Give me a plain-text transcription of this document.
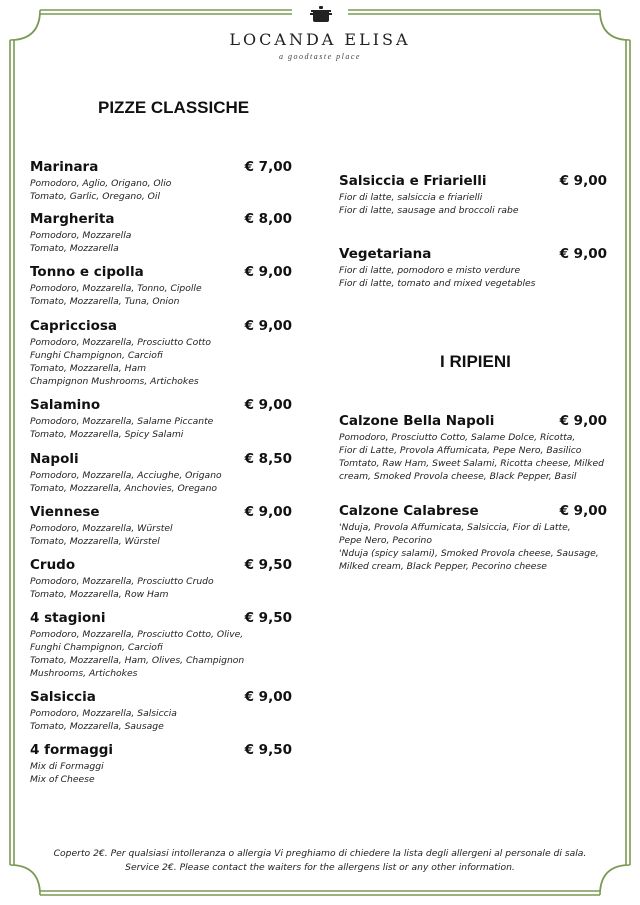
LOCANDA ELISA
a goodtaste place
PIZZE CLASSICHE
I RIPIENI
Marinara	€ 7,00
Pomodoro, Aglio, Origano, Olio
Tomato, Garlic, Oregano, Oil
Margherita	€ 8,00
Pomodoro, Mozzarella
Tomato, Mozzarella
Tonno e cipolla	€ 9,00
Pomodoro, Mozzarella, Tonno, Cipolle
Tomato, Mozzarella, Tuna, Onion
Capricciosa	€ 9,00
Pomodoro, Mozzarella, Prosciutto Cotto
Funghi Champignon, Carciofi
Tomato, Mozzarella, Ham
Champignon Mushrooms, Artichokes
Salamino	€ 9,00
Pomodoro, Mozzarella, Salame Piccante
Tomato, Mozzarella, Spicy Salami
Napoli	€ 8,50
Pomodoro, Mozzarella, Acciughe, Origano
Tomato, Mozzarella, Anchovies, Oregano
Viennese	€ 9,00
Pomodoro, Mozzarella, Würstel
Tomato, Mozzarella, Würstel
Crudo	€ 9,50
Pomodoro, Mozzarella, Prosciutto Crudo
Tomato, Mozzarella, Row Ham
4 stagioni	€ 9,50
Pomodoro, Mozzarella, Prosciutto Cotto, Olive,
Funghi Champignon, Carciofi
Tomato, Mozzarella, Ham, Olives, Champignon
Mushrooms, Artichokes
Salsiccia	€ 9,00
Pomodoro, Mozzarella, Salsiccia
Tomato, Mozzarella, Sausage
4 formaggi	€ 9,50
Mix di Formaggi
Mix of Cheese
Salsiccia e Friarielli	€ 9,00
Fior di latte, salsiccia e friarielli
Fior di latte, sausage and broccoli rabe
Vegetariana	€ 9,00
Fior di latte, pomodoro e misto verdure
Fior di latte, tomato and mixed vegetables
Calzone Bella Napoli	€ 9,00
Pomodoro, Prosciutto Cotto, Salame Dolce, Ricotta,
Fior di Latte, Provola Affumicata, Pepe Nero, Basilico
Tomtato, Raw Ham, Sweet Salami, Ricotta cheese, Milked
cream, Smoked Provola cheese, Black Pepper, Basil
Calzone Calabrese	€ 9,00
'Nduja, Provola Affumicata, Salsiccia, Fior di Latte,
Pepe Nero, Pecorino
'Nduja (spicy salami), Smoked Provola cheese, Sausage,
Milked cream, Black Pepper, Pecorino cheese
Coperto 2€. Per qualsiasi intolleranza o allergia Vi preghiamo di chiedere la lista degli allergeni al personale di sala.
Service 2€. Please contact the waiters for the allergens list or any other information.
